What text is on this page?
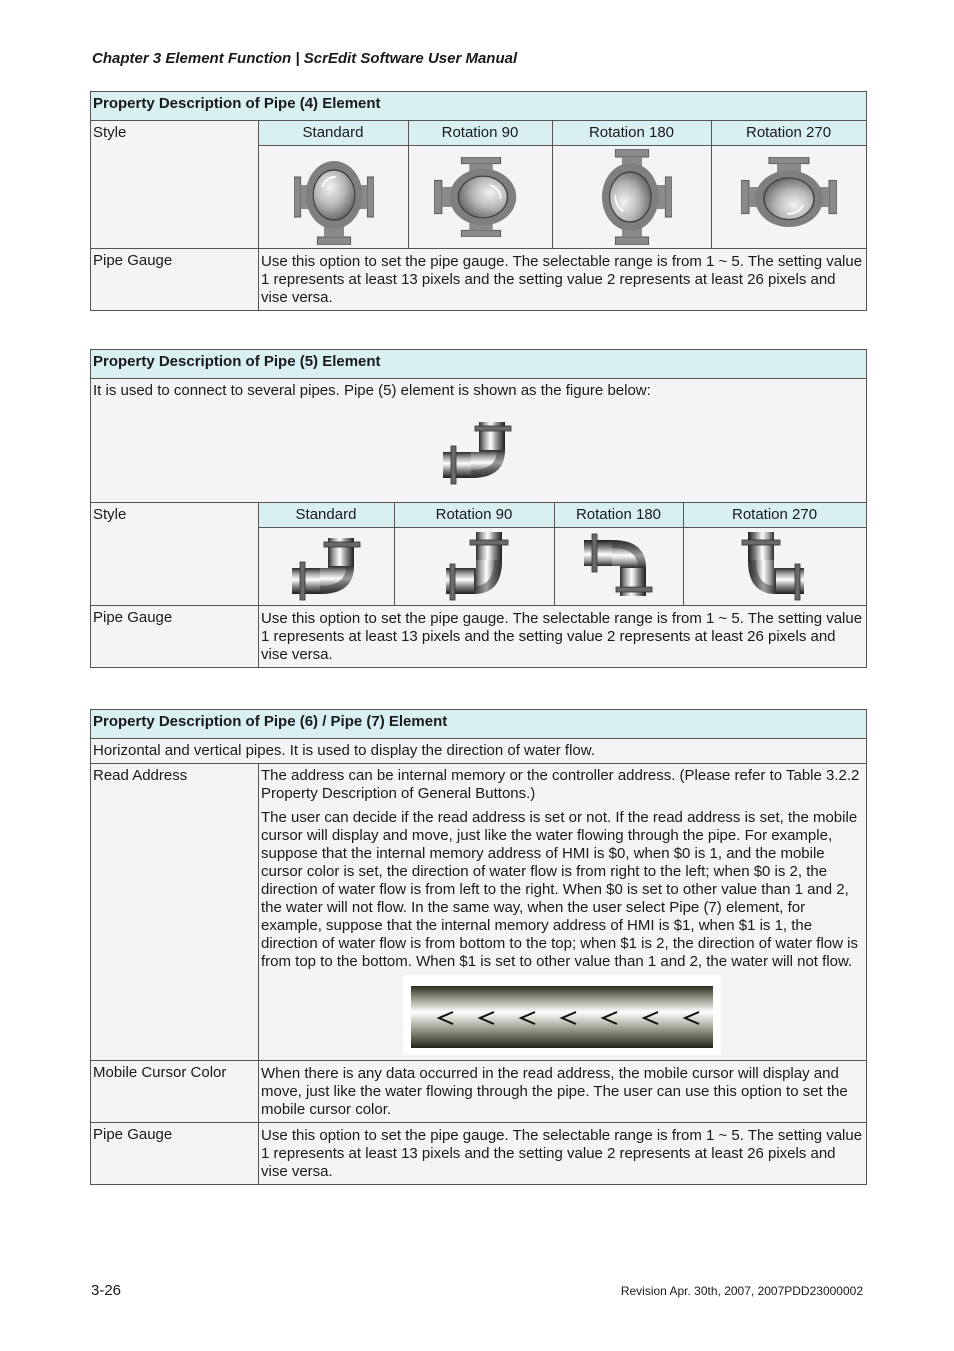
Chapter 3 Element Function | ScrEdit Software User Manual
Property Description of Pipe (4) Element				
Style	Standard	Rotation 90	Rotation 180	Rotation 270

Pipe Gauge	Use this option to set the pipe gauge. The selectable range is from 1 ~ 5. The setting value 1 represents at least 13 pixels and the setting value 2 represents at least 26 pixels and vise versa.			
Property Description of Pipe (5) Element				

It is used to connect to several pipes. Pipe (5) element is shown as the figure below:				

Style	Standard	Rotation 90	Rotation 180	Rotation 270

Pipe Gauge	Use this option to set the pipe gauge. The selectable range is from 1 ~ 5. The setting value 1 represents at least 13 pixels and the setting value 2 represents at least 26 pixels and vise versa.			
Property Description of Pipe (6) / Pipe (7) Element	
Horizontal and vertical pipes. It is used to display the direction of water flow.	
Read Address	The address can be internal memory or the controller address. (Please refer to Table 3.2.2 Property Description of General Buttons.)

The user can decide if the read address is set or not. If the read address is set, the mobile cursor will display and move, just like the water flowing through the pipe. For example, suppose that the internal memory address of HMI is $0, when $0 is 1, and the mobile cursor color is set, the direction of water flow is from right to the left; when $0 is 2, the direction of water flow is from left to the right. When $0 is set to other value than 1 and 2, the water will not flow. In the same way, when the user select Pipe (7) element, for example, suppose that the internal memory address of HMI is $1, when $1 is 1, the direction of water flow is from bottom to the top; when $1 is 2, the direction of water flow is from top to the bottom. When $1 is set to other value than 1 and 2, the water will not flow.

Mobile Cursor Color	When there is any data occurred in the read address, the mobile cursor will display and move, just like the water flowing through the pipe. The user can use this option to set the mobile cursor color.
Pipe Gauge	Use this option to set the pipe gauge. The selectable range is from 1 ~ 5. The setting value 1 represents at least 13 pixels and the setting value 2 represents at least 26 pixels and vise versa.
3-26	Revision Apr. 30th, 2007, 2007PDD23000002
